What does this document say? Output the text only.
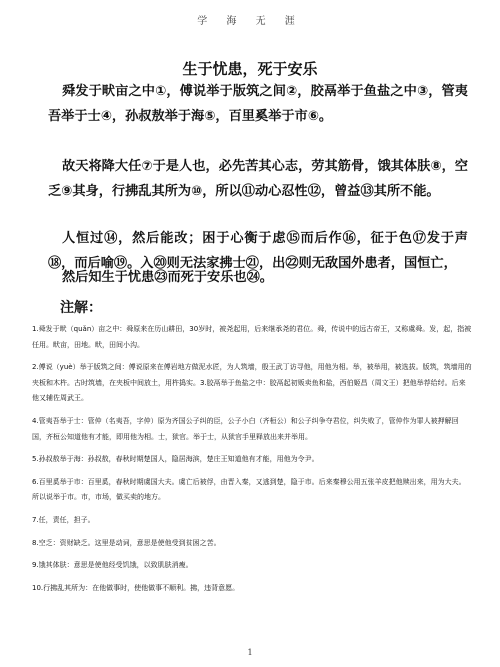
学 海 无 涯
生于忧患，死于安乐

舜发于畎亩之中①，傅说举于版筑之间②，胶鬲举于鱼盐之中③，管夷吾举于士④，孙叔敖举于海⑤，百里奚举于市⑥。

故天将降大任⑦于是人也，必先苦其心志，劳其筋骨，饿其体肤⑧，空乏⑨其身，行拂乱其所为⑩，所以⑪动心忍性⑫，曾益⑬其所不能。

人恒过⑭，然后能改；困于心衡于虑⑮而后作⑯，征于色⑰发于声⑱，而后喻⑲。入⑳则无法家拂士㉑，出㉒则无敌国外患者，国恒亡，

然后知生于忧患㉓而死于安乐也㉔。

注解：

1.舜发于畎（quǎn）亩之中：舜原来在历山耕田，30岁时，被尧起用，后来继承尧的君位。舜，传说中的远古帝王，又称虞舜。发，起，指被任用。畎亩，田地。畎，田间小沟。

2.傅说（yuè）举于版筑之间：傅说原来在傅岩地方做泥水匠，为人筑墙，殷王武丁访寻他，用他为相。举，被举用，被选拔。版筑，筑墙用的夹板和木杵。古时筑墙，在夹板中间放土，用杵捣实。3.胶鬲举于鱼盐之中：胶鬲起初贩卖鱼和盐，西伯姬昌（周文王）把他举荐给纣。后来他又辅佐周武王。

4.管夷吾举于士：管仲（名夷吾，字仲）原为齐国公子纠的臣，公子小白（齐桓公）和公子纠争夺君位，纠失败了，管仲作为罪人被押解回国，齐桓公知道他有才能，即用他为相。士，狱官。举于士，从狱官手里释放出来并举用。

5.孙叔敖举于海：孙叔敖，春秋时期楚国人，隐居海滨，楚庄王知道他有才能，用他为令尹。

6.百里奚举于市：百里奚，春秋时期虞国大夫。虞亡后被俘，由晋入秦，又逃到楚，隐于市。后来秦穆公用五张羊皮把他赎出来，用为大夫。所以说举于市。市，市场，做买卖的地方。

7.任，责任，担子。

8.空乏：资财缺乏。这里是动词，意思是使他受到贫困之苦。

9.饿其体肤：意思是使他经受饥饿，以致肌肤消瘦。

10.行拂乱其所为：在他做事时，使他做事不顺利。拂，违背意愿。

1
